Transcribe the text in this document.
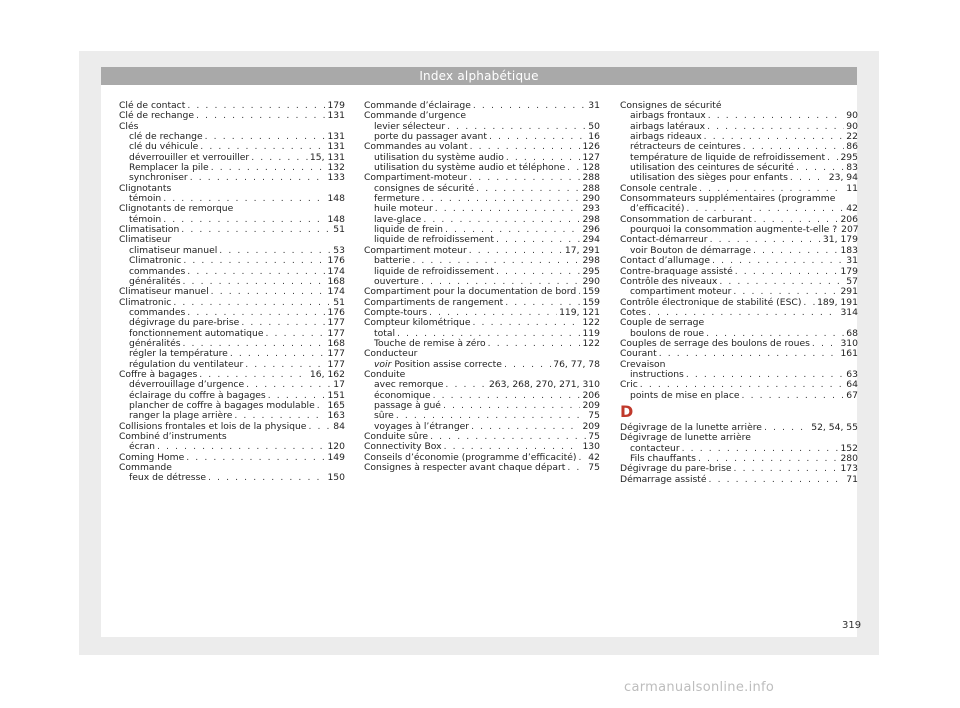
Index alphabétique
Clé de contact . . .	179
Clé de rechange . . .	131
Clés
clé de rechange . . .	131
clé du véhicule . . .	131
déverrouiller et verrouiller . . .	15, 131
Remplacer la pile . . .	132
synchroniser . . .	133
Clignotants
témoin . . .	148
Clignotants de remorque
témoin . . .	148
Climatisation . . .	51
Climatiseur
climatiseur manuel . . .	53
Climatronic . . .	176
commandes . . .	174
généralités . . .	168
Climatiseur manuel . . .	174
Climatronic . . .	51
commandes . . .	176
dégivrage du pare-brise . . .	177
fonctionnement automatique . . .	177
généralités . . .	168
régler la température . . .	177
régulation du ventilateur . . .	177
Coffre à bagages . . .	16, 162
déverrouillage d’urgence . . .	17
éclairage du coffre à bagages . . .	151
plancher de coffre à bagages modulable . . . 165
ranger la plage arrière . . .	163
Collisions frontales et lois de la physique . . .	84
Combiné d’instruments
écran . . .	120
Coming Home . . .	149
Commande
feux de détresse . . .	150
Commande d’éclairage . . .	31
Commande d’urgence
levier sélecteur . . .	50
porte du passager avant . . .	16
Commandes au volant . . .	126
utilisation du système audio . . .	127
utilisation du système audio et téléphone . . . 128
Compartiment-moteur . . .	288
consignes de sécurité . . .	288
fermeture . . .	290
huile moteur . . .	293
lave-glace . . .	298
liquide de frein . . .	296
liquide de refroidissement . . .	294
Compartiment moteur . . .	17, 291
batterie . . .	298
liquide de refroidissement . . .	295
ouverture . . .	290
Compartiment pour la documentation de bord . . . 159
Compartiments de rangement . . .	159
Compte-tours . . .	119, 121
Compteur kilométrique . . .	122
total . . .	119
Touche de remise à zéro . . .	122
Conducteur
voir Position assise correcte . . .	76, 77, 78
Conduite
avec remorque . . .	263, 268, 270, 271, 310
économique . . .	206
passage à gué . . .	209
sûre . . .	75
voyages à l’étranger . . .	209
Conduite sûre . . .	75
Connectivity Box . . .	130
Conseils d’économie (programme d’efficacité) . . . 42
Consignes à respecter avant chaque départ . . . 75
Consignes de sécurité
airbags frontaux . . .	90
airbags latéraux . . .	90
airbags rideaux . . .	22
rétracteurs de ceintures . . .	86
température de liquide de refroidissement . . . 295
utilisation des ceintures de sécurité . . .	83
utilisation des sièges pour enfants . . .	23, 94
Console centrale . . .	11
Consommateurs supplémentaires (programme
d’efficacité) . . .	42
Consommation de carburant . . .	206
pourquoi la consommation augmente-t-elle ? 207
Contact-démarreur . . .	31, 179
voir Bouton de démarrage . . .	183
Contact d’allumage . . .	31
Contre-braquage assisté . . .	179
Contrôle des niveaux . . .	57
compartiment moteur . . .	291
Contrôle électronique de stabilité (ESC) . . . 189, 191
Cotes . . .	314
Couple de serrage
boulons de roue . . .	68
Couples de serrage des boulons de roues . . .	310
Courant . . .	161
Crevaison
instructions . . .	63
Cric . . .	64
points de mise en place . . .	67
D
Dégivrage de la lunette arrière . . .	52, 54, 55
Dégivrage de lunette arrière
contacteur . . .	152
Fils chauffants . . .	280
Dégivrage du pare-brise . . .	173
Démarrage assisté . . .	71
319
carmanualsonline.info
